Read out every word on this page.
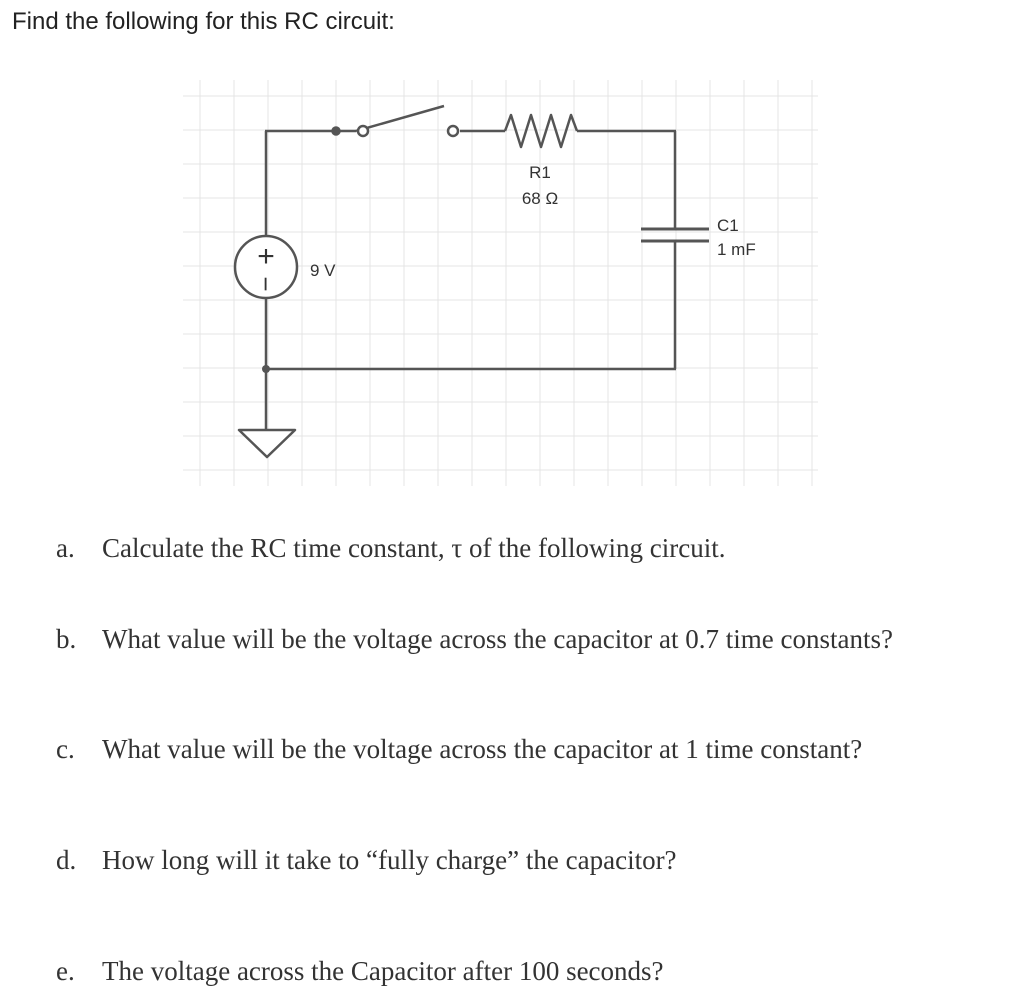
Find the following for this RC circuit:
R1
68 Ω
C1
1 mF
+
−
9 V
a. Calculate the RC time constant, τ of the following circuit.
b. What value will be the voltage across the capacitor at 0.7 time constants?
c. What value will be the voltage across the capacitor at 1 time constant?
d. How long will it take to “fully charge” the capacitor?
e. The voltage across the Capacitor after 100 seconds?
